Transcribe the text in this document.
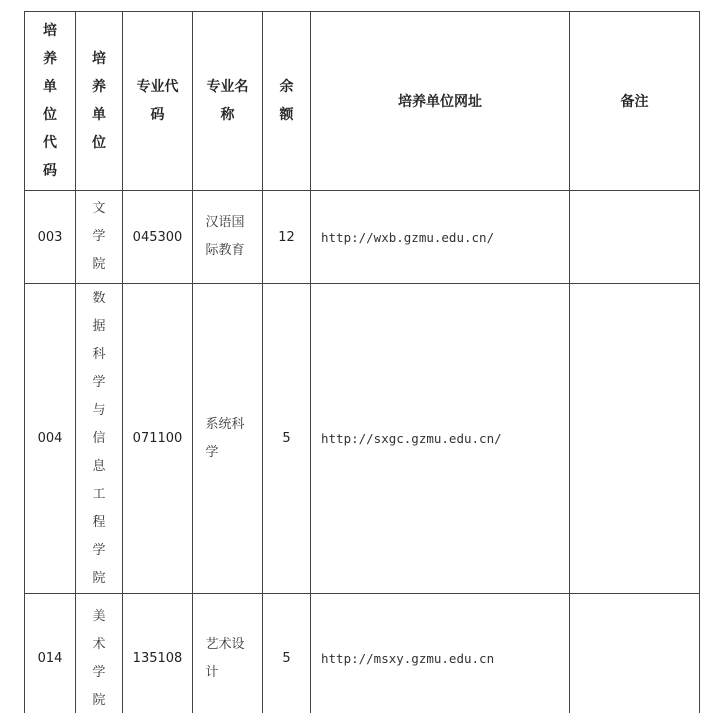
培养单位代码	培养单位	专业代码	专业名称	余额	培养单位网址	备注
003	文学院	045300	汉语国际教育	12	http://wxb.gzmu.edu.cn/	
004	数据科学与信息工程学院	071100	系统科学	5	http://sxgc.gzmu.edu.cn/	
014	美术学院	135108	艺术设计	5	http://msxy.gzmu.edu.cn	
